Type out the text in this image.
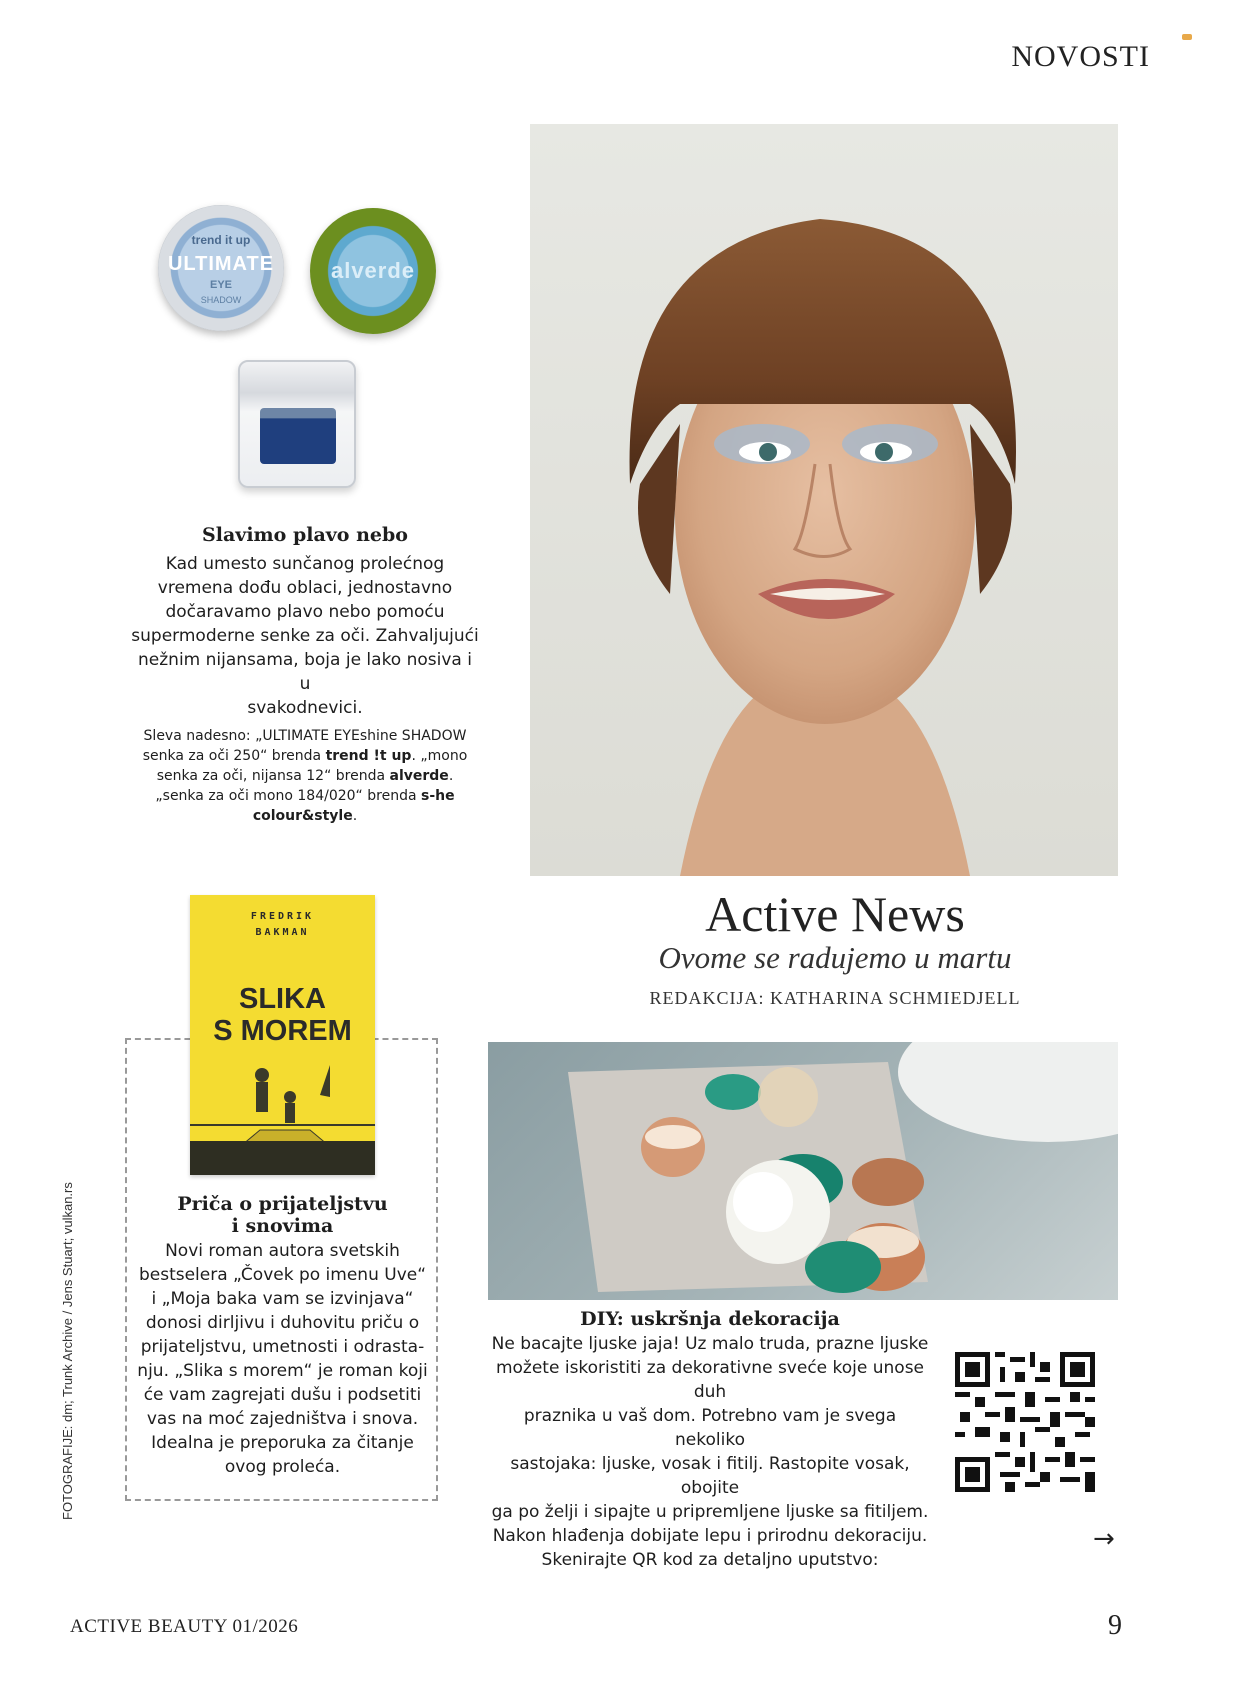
NOVOSTI
trend it up
ULTIMATE
EYE
SHADOW
alverde
Slavimo plavo nebo
Kad umesto sunčanog prolećnog
vremena dođu oblaci, jednostavno
dočaravamo plavo nebo pomoću
supermoderne senke za oči. Zahvaljujući
nežnim nijansama, boja je lako nosiva i u
svakodnevici.
Sleva nadesno: „ULTIMATE EYEshine SHADOW
senka za oči 250“ brenda trend !t up. „mono
senka za oči, nijansa 12“ brenda alverde.
„senka za oči mono 184/020“ brenda s-he
colour&style.
Active News
Ovome se radujemo u martu
REDAKCIJA: KATHARINA SCHMIEDJELL
FREDRIK
BAKMAN
SLIKA
S MOREM
Priča o prijateljstvu
i snovima
Novi roman autora svetskih
bestselera „Čovek po imenu Uve“
i „Moja baka vam se izvinjava“
donosi dirljivu i duhovitu priču o
prijateljstvu, umetnosti i odrasta-
nju. „Slika s morem“ je roman koji
će vam zagrejati dušu i podsetiti
vas na moć zajedništva i snova.
Idealna je preporuka za čitanje
ovog proleća.
DIY: uskršnja dekoracija
Ne bacajte ljuske jaja! Uz malo truda, prazne ljuske
možete iskoristiti za dekorativne sveće koje unose duh
praznika u vaš dom. Potrebno vam je svega nekoliko
sastojaka: ljuske, vosak i fitilj. Rastopite vosak, obojite
ga po želji i sipajte u pripremljene ljuske sa fitiljem.
Nakon hlađenja dobijate lepu i prirodnu dekoraciju.
Skenirajte QR kod za detaljno uputstvo:
→
FOTOGRAFIJE: dm; Trunk Archive / Jens Stuart; vulkan.rs
ACTIVE BEAUTY 01/2026	9
